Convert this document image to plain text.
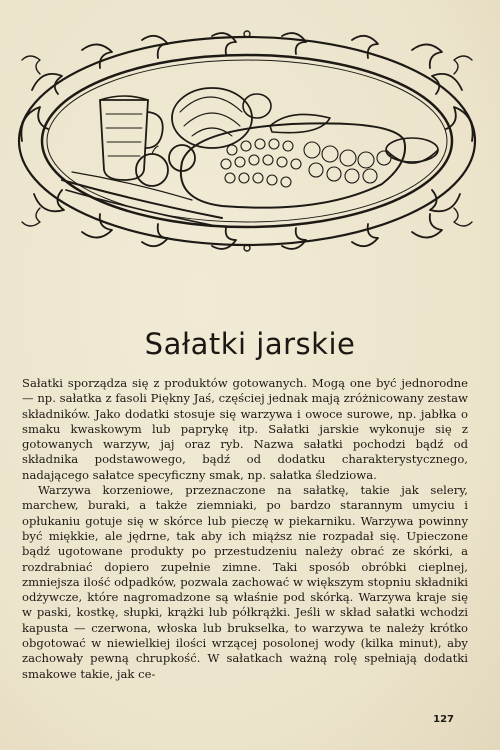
Sałatki jarskie

Sałatki sporządza się z produktów gotowanych. Mogą one być jednorodne — np. sałatka z fasoli Piękny Jaś, częściej jednak mają zróżnicowany zestaw składników. Jako dodatki stosuje się warzywa i owoce surowe, np. jabłka o smaku kwaskowym lub paprykę itp. Sałatki jarskie wykonuje się z gotowanych warzyw, jaj oraz ryb. Nazwa sałatki pochodzi bądź od składnika podstawowego, bądź od dodatku charakterystycznego, nadającego sałatce specyficzny smak, np. sałatka śledziowa.

Warzywa korzeniowe, przeznaczone na sałatkę, takie jak selery, marchew, buraki, a także ziemniaki, po bardzo starannym umyciu i opłukaniu gotuje się w skórce lub pieczę w piekarniku. Warzywa powinny być miękkie, ale jędrne, tak aby ich miąższ nie rozpadał się. Upieczone bądź ugotowane produkty po przestudzeniu należy obrać ze skórki, a rozdrabniać dopiero zupełnie zimne. Taki sposób obróbki cieplnej, zmniejsza ilość odpadków, pozwala zachować w większym stopniu składniki odżywcze, które nagromadzone są właśnie pod skórką. Warzywa kraje się w paski, kostkę, słupki, krążki lub półkrążki. Jeśli w skład sałatki wchodzi kapusta — czerwona, włoska lub brukselka, to warzywa te należy krótko obgotować w niewielkiej ilości wrzącej posolonej wody (kilka minut), aby zachowały pewną chrupkość. W sałatkach ważną rolę spełniają dodatki smakowe takie, jak ce-

127
